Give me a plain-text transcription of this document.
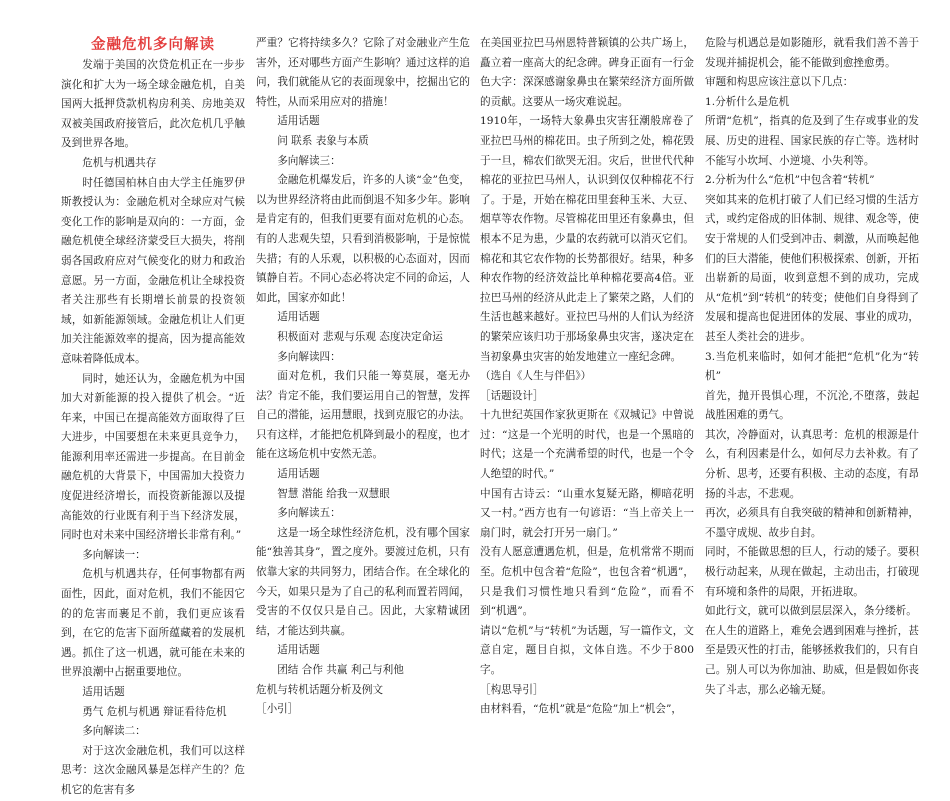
金融危机多向解读

发端于美国的次贷危机正在一步步演化和扩大为一场全球金融危机，自美国两大抵押贷款机构房利美、房地美双双被美国政府接管后，此次危机几乎触及到世界各地。

危机与机遇共存

时任德国柏林自由大学主任施罗伊斯教授认为：金融危机对全球应对气候变化工作的影响是双向的：一方面，金融危机使全球经济蒙受巨大损失，将削弱各国政府应对气候变化的财力和政治意愿。另一方面，金融危机让全球投资者关注那些有长期增长前景的投资领域，如新能源领域。金融危机让人们更加关注能源效率的提高，因为提高能效意味着降低成本。

同时，她还认为，金融危机为中国加大对新能源的投入提供了机会。“近年来，中国已在提高能效方面取得了巨大进步，中国要想在未来更具竞争力，能源利用率还需进一步提高。在目前金融危机的大背景下，中国需加大投资力度促进经济增长，而投资新能源以及提高能效的行业既有利于当下经济发展，同时也对未来中国经济增长非常有利。”

多向解读一：

危机与机遇共存，任何事物都有两面性，因此，面对危机，我们不能因它的的危害而裹足不前，我们更应该看到，在它的危害下面所蕴藏着的发展机遇。抓住了这一机遇，就可能在未来的世界浪潮中占据重要地位。

适用话题

勇气 危机与机遇 辩证看待危机

多向解读二：

对于这次金融危机，我们可以这样思考：这次金融风暴是怎样产生的？危机它的危害有多

严重？它将持续多久？它除了对金融业产生危害外，还对哪些方面产生影响？通过这样的追问，我们就能从它的表面现象中，挖掘出它的特性，从而采用应对的措施！

适用话题

问 联系 表象与本质

多向解读三：

金融危机爆发后，许多的人谈“金”色变，以为世界经济将由此而倒退不知多少年。影响是肯定有的，但我们更要有面对危机的心态。有的人悲观失望，只看到消极影响，于是惊慌失措；有的人乐观，以积极的心态面对，因而镇静自若。不同心态必将决定不同的命运，人如此，国家亦如此！

适用话题

积极面对 悲观与乐观 态度决定命运

多向解读四：

面对危机，我们只能一筹莫展，毫无办法？肯定不能，我们要运用自己的智慧，发挥自己的潜能，运用慧眼，找到克服它的办法。只有这样，才能把危机降到最小的程度，也才能在这场危机中安然无恙。

适用话题

智慧 潜能 给我一双慧眼

多向解读五：

这是一场全球性经济危机，没有哪个国家能“独善其身”，置之度外。要渡过危机，只有依靠大家的共同努力，团结合作。在全球化的今天，如果只是为了自己的私利而置若罔闻，受害的不仅仅只是自己。因此，大家精诚团结，才能达到共赢。

适用话题

团结 合作 共赢 利己与利他

危机与转机话题分析及例文

［小引］

在美国亚拉巴马州恩特普颖镇的公共广场上，矗立着一座高大的纪念碑。碑身正面有一行金色大字：深深感谢象鼻虫在繁荣经济方面所做的贡献。这要从一场灾难说起。

1910年，一场特大象鼻虫灾害狂潮般席卷了亚拉巴马州的棉花田。虫子所到之处，棉花毁于一旦，棉农们欲哭无泪。灾后，世世代代种棉花的亚拉巴马州人，认识到仅仅种棉花不行了。于是，开始在棉花田里套种玉米、大豆、烟草等农作物。尽管棉花田里还有象鼻虫，但根本不足为患，少量的农药就可以消灭它们。棉花和其它农作物的长势都很好。结果，种多种农作物的经济效益比单种棉花要高4倍。亚拉巴马州的经济从此走上了繁荣之路，人们的生活也越来越好。亚拉巴马州的人们认为经济的繁荣应该归功于那场象鼻虫灾害，遂决定在当初象鼻虫灾害的始发地建立一座纪念碑。

（选自《人生与伴侣》）

［话题设计］

十九世纪英国作家狄更斯在《双城记》中曾说过：“这是一个光明的时代，也是一个黑暗的时代；这是一个充满希望的时代，也是一个令人绝望的时代。”

中国有古诗云：“山重水复疑无路，柳暗花明又一村。”西方也有一句谚语：“当上帝关上一扇门时，就会打开另一扇门。”

没有人愿意遭遇危机，但是，危机常常不期而至。危机中包含着“危险”，也包含着“机遇”，只是我们习惯性地只看到“危险”，而看不到“机遇”。

请以“危机”与“转机”为话题，写一篇作文，文意自定，题目自拟，文体自选。不少于800字。

［构思导引］

由材料看，“危机”就是“危险”加上“机会”，

危险与机遇总是如影随形，就看我们善不善于发现并捕捉机会，能不能做到愈挫愈勇。

审题和构思应该注意以下几点：

1.分析什么是危机

所谓“危机”，指真的危及到了生存或事业的发展、历史的进程、国家民族的存亡等。选材时不能写小坎坷、小逆境、小失利等。

2.分析为什么“危机”中包含着“转机”

突如其来的危机打破了人们已经习惯的生活方式，或约定俗成的旧体制、规律、观念等，使安于常规的人们受到冲击、刺激，从而唤起他们的巨大潜能，使他们积极探索、创新，开拓出崭新的局面，收到意想不到的成功，完成从“危机”到“转机”的转变；使他们自身得到了发展和提高也促进团体的发展、事业的成功，甚至人类社会的进步。

3.当危机来临时，如何才能把“危机”化为“转机”

首先，抛开畏惧心理，不沉沦,不堕落，鼓起战胜困难的勇气。

其次，冷静面对，认真思考：危机的根源是什么，有利因素是什么，如何尽力去补救。有了分析、思考，还要有积极、主动的态度，有昂扬的斗志，不悲观。

再次，必须具有自我突破的精神和创新精神，不墨守成规、故步自封。

同时，不能做思想的巨人，行动的矮子。要积极行动起来，从现在做起，主动出击，打破现有环境和条件的局限，开拓进取。

如此行文，就可以做到层层深入，条分缕析。

在人生的道路上，难免会遇到困难与挫折，甚至是毁灭性的打击，能够拯救我们的，只有自己。别人可以为你加油、助威，但是假如你丧失了斗志，那么必输无疑。
